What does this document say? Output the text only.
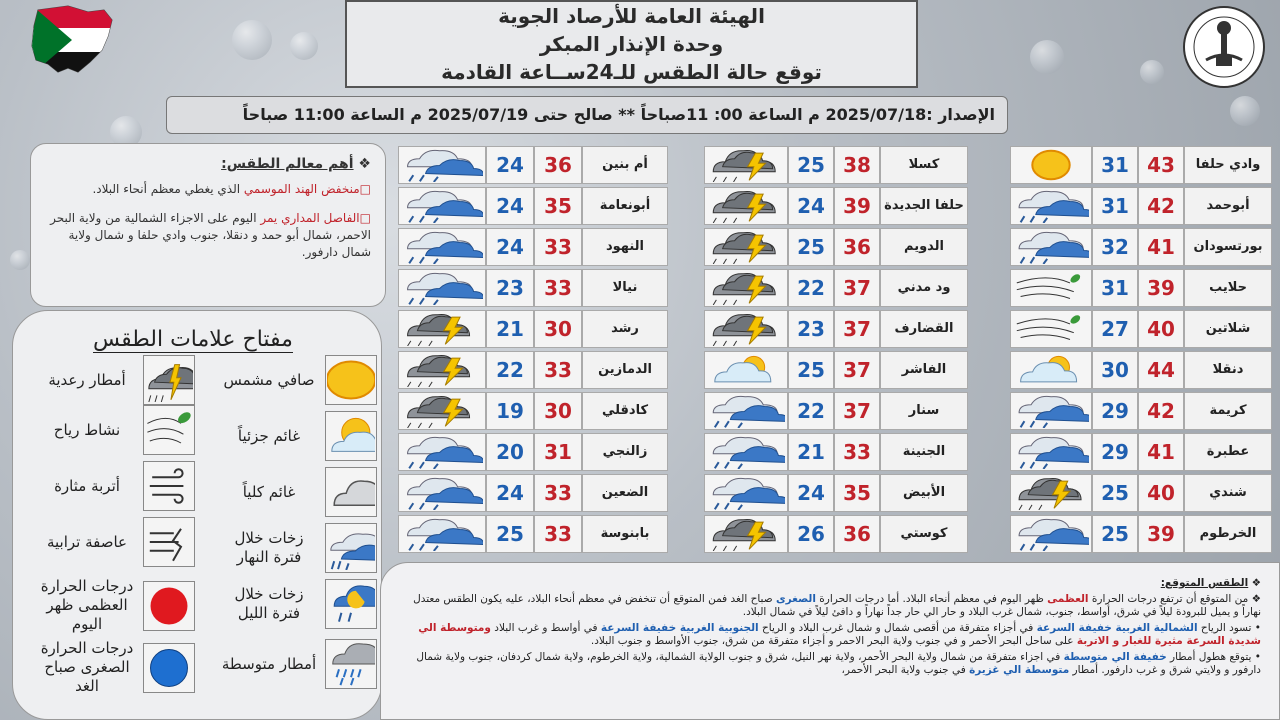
الهيئة العامة للأرصاد الجوية
وحدة الإنذار المبكر
توقع حالة الطقس للـ24ســاعة القادمة
الإصدار :2025/07/18 م الساعة 00: 11صباحاً ** صالح حتى 2025/07/19 م الساعة 11:00 صباحاً
❖ أهم معالم الطقس:
□منخفض الهند الموسمي الذي يغطي معظم أنحاء البلاد.
□الفاصل المداري يمر اليوم على الاجزاء الشمالية من ولاية البحر الاحمر، شمال أبو حمد و دنقلا، جنوب وادي حلفا و شمال ولاية شمال دارفور.
مفتاح علامات الطقس
صافي مشمس
أمطار رعدية
غائم جزئياً
نشاط رياح
غائم كلياً
أتربة مثارة
زخات خلال فترة النهار
عاصفة ترابية
زخات خلال فترة الليل
درجات الحرارة العظمى ظهر اليوم
أمطار متوسطة
درجات الحرارة الصغرى صباح الغد
وادي حلفا
43
31
أبوحمد
42
31
بورتسودان
41
32
حلايب
39
31
شلاتين
40
27
دنقلا
44
30
كريمة
42
29
عطبرة
41
29
شندي
40
25
الخرطوم
39
25
كسلا
38
25
حلفا الجديدة
39
24
الدويم
36
25
ود مدني
37
22
القضارف
37
23
الفاشر
37
25
سنار
37
22
الجنينة
33
21
الأبيض
35
24
كوستي
36
26
أم بنين
36
24
أبونعامة
35
24
النهود
33
24
نيالا
33
23
رشد
30
21
الدمازين
33
22
كادقلي
30
19
زالنجي
31
20
الضعين
33
24
بابنوسة
33
25

❖ الطقس المتوقع:

❖ من المتوقع أن ترتفع درجات الحرارة العظمى ظهر اليوم في معظم أنحاء البلاد. أما درجات الحرارة الصغرى صباح الغد فمن المتوقع أن تنخفض في معظم أنحاء البلاد، عليه يكون الطقس معتدل نهاراً و يميل للبرودة ليلاً في شرق، أواسط، جنوب، شمال غرب البلاد و حار الي حار جداً نهاراً و دافئ ليلاً في شمال البلاد.

• تسود الرياح الشمالية الغربية خفيفة السرعة في أجزاء متفرقة من أقصى شمال و شمال غرب البلاد و الرياح الجنوبية الغربية خفيفة السرعة في أواسط و غرب البلاد ومتوسطة الي شديدة السرعة مثيرة للغبار و الاتربة على ساحل البحر الأحمر و في جنوب ولاية البحر الاحمر و أجزاء متفرقة من شرق، جنوب الأواسط و جنوب البلاد.

• يتوقع هطول أمطار خفيفة الي متوسطة في اجزاء متفرقة من شمال ولاية البحر الأحمر، ولاية نهر النيل، شرق و جنوب الولاية الشمالية، ولاية الخرطوم، ولاية شمال كردفان، جنوب ولاية شمال دارفور و ولايتي شرق و غرب دارفور. أمطار متوسطة الي غزيرة في جنوب ولاية البحر الأحمر،
